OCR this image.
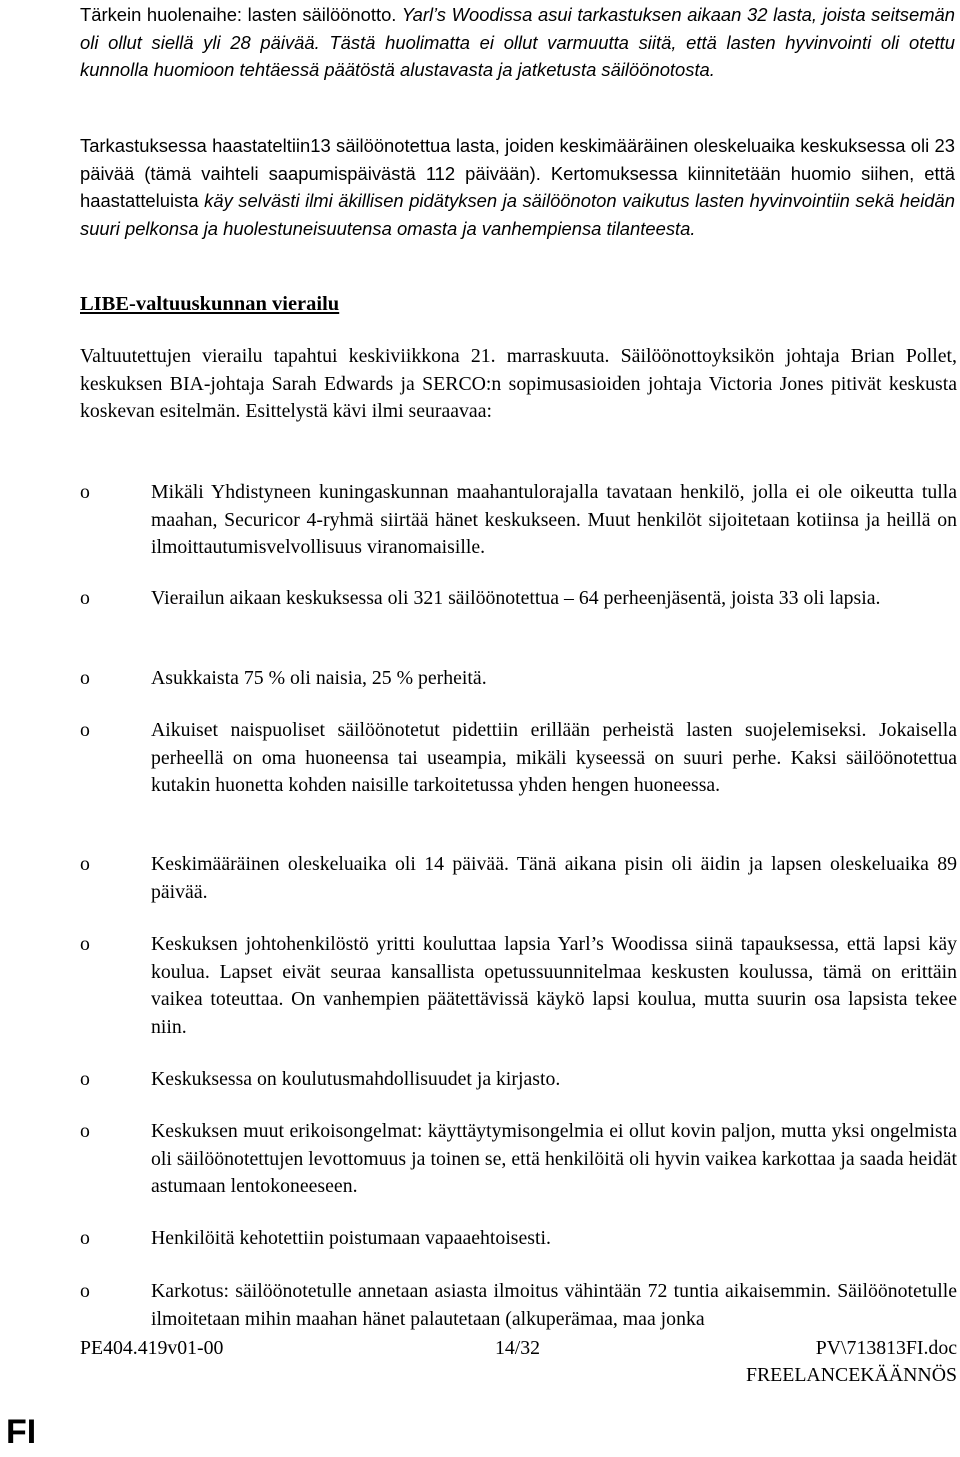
Tärkein huolenaihe: lasten säilöönotto. Yarl’s Woodissa asui tarkastuksen aikaan 32 lasta, joista seitsemän oli ollut siellä yli 28 päivää. Tästä huolimatta ei ollut varmuutta siitä, että lasten hyvinvointi oli otettu kunnolla huomioon tehtäessä päätöstä alustavasta ja jatketusta säilöönotosta.

Tarkastuksessa haastateltiin13 säilöönotettua lasta, joiden keskimääräinen oleskeluaika keskuksessa oli 23 päivää (tämä vaihteli saapumispäivästä 112 päivään). Kertomuksessa kiinnitetään huomio siihen, että haastatteluista käy selvästi ilmi äkillisen pidätyksen ja säilöönoton vaikutus lasten hyvinvointiin sekä heidän suuri pelkonsa ja huolestuneisuutensa omasta ja vanhempiensa tilanteesta.

LIBE-valtuuskunnan vierailu

Valtuutettujen vierailu tapahtui keskiviikkona 21. marraskuuta. Säilöönottoyksikön johtaja Brian Pollet, keskuksen BIA-johtaja Sarah Edwards ja SERCO:n sopimusasioiden johtaja Victoria Jones pitivät keskusta koskevan esitelmän. Esittelystä kävi ilmi seuraavaa:

o	Mikäli Yhdistyneen kuningaskunnan maahantulorajalla tavataan henkilö, jolla ei ole oikeutta tulla maahan, Securicor 4-ryhmä siirtää hänet keskukseen. Muut henkilöt sijoitetaan kotiinsa ja heillä on ilmoittautumisvelvollisuus viranomaisille.

o	Vierailun aikaan keskuksessa oli 321 säilöönotettua – 64 perheenjäsentä, joista 33 oli lapsia.

o	Asukkaista 75 % oli naisia, 25 % perheitä.

o	Aikuiset naispuoliset säilöönotetut pidettiin erillään perheistä lasten suojelemiseksi. Jokaisella perheellä on oma huoneensa tai useampia, mikäli kyseessä on suuri perhe. Kaksi säilöönotettua kutakin huonetta kohden naisille tarkoitetussa yhden hengen huoneessa.

o	Keskimääräinen oleskeluaika oli 14 päivää. Tänä aikana pisin oli äidin ja lapsen oleskeluaika 89 päivää.

o	Keskuksen johtohenkilöstö yritti kouluttaa lapsia Yarl’s Woodissa siinä tapauksessa, että lapsi käy koulua. Lapset eivät seuraa kansallista opetussuunnitelmaa keskusten koulussa, tämä on erittäin vaikea toteuttaa. On vanhempien päätettävissä käykö lapsi koulua, mutta suurin osa lapsista tekee niin.

o	Keskuksessa on koulutusmahdollisuudet ja kirjasto.

o	Keskuksen muut erikoisongelmat: käyttäytymisongelmia ei ollut kovin paljon, mutta yksi ongelmista oli säilöönotettujen levottomuus ja toinen se, että henkilöitä oli hyvin vaikea karkottaa ja saada heidät astumaan lentokoneeseen.

o	Henkilöitä kehotettiin poistumaan vapaaehtoisesti.

o	Karkotus: säilöönotetulle annetaan asiasta ilmoitus vähintään 72 tuntia aikaisemmin. Säilöönotetulle ilmoitetaan mihin maahan hänet palautetaan (alkuperämaa, maa jonka

PE404.419v01-00	14/32	PV\713813FI.doc
FREELANCEKÄÄNNÖS
FI
